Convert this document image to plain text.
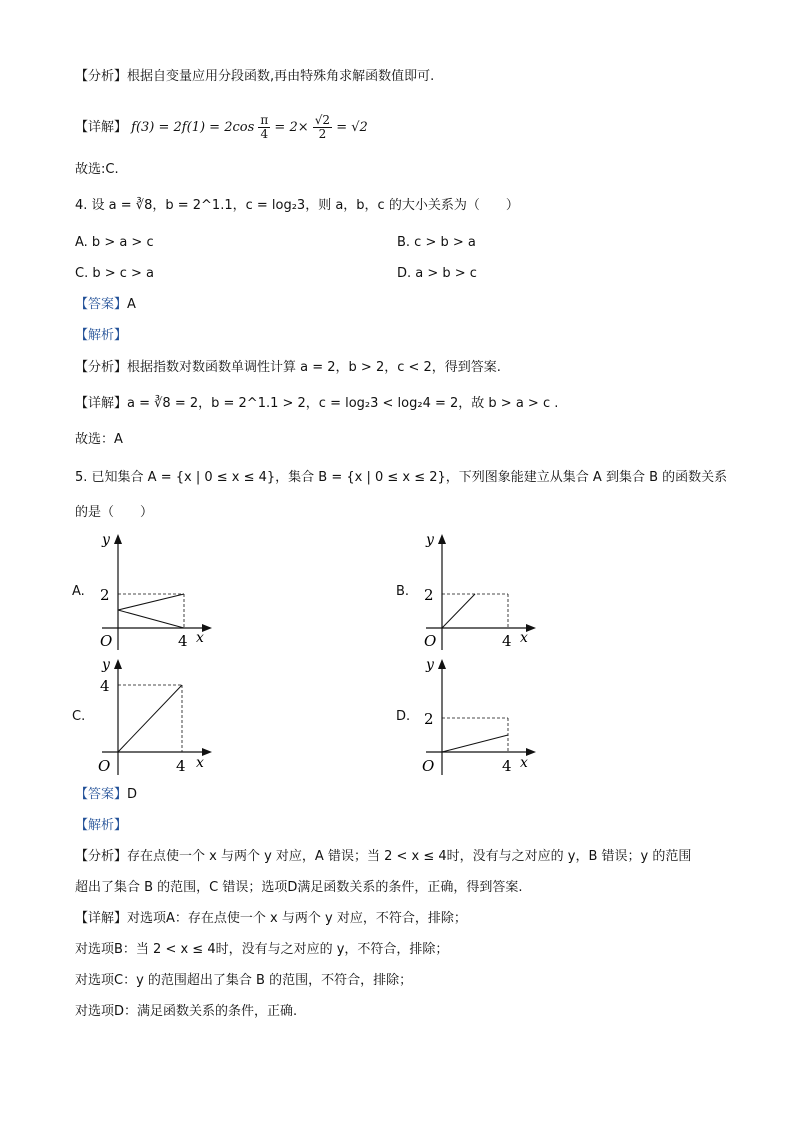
【分析】根据自变量应用分段函数,再由特殊角求解函数值即可.
【详解】 $f(3) = 2f(1) = 2\cos \frac{\pi}{4} = 2\times \frac{√2}{2} = √2$
故选:C.
4. 设 a = ∛8，b = 2^1.1，c = log₂3，则 a，b，c 的大小关系为（　　）
A. b > a > c	B. c > b > a
C. b > c > a	D. a > b > c
【答案】A
【解析】
【分析】根据指数对数函数单调性计算 a = 2，b > 2，c < 2，得到答案.
【详解】a = ∛8 = 2，b = 2^1.1 > 2，c = log₂3 < log₂4 = 2，故 b > a > c .
故选：A
5. 已知集合 A = {x | 0 ≤ x ≤ 4}，集合 B = {x | 0 ≤ x ≤ 2}，下列图象能建立从集合 A 到集合 B 的函数关系
的是（　　）
A.
y
x
O
2
4
B.
y
x
O
2
4
C.
y
x
O
4
4
D.
y
x
O
2
4
【答案】D
【解析】
【分析】存在点使一个 x 与两个 y 对应，A 错误；当 2 < x ≤ 4时，没有与之对应的 y，B 错误；y 的范围
超出了集合 B 的范围，C 错误；选项D满足函数关系的条件，正确，得到答案.
【详解】对选项A：存在点使一个 x 与两个 y 对应，不符合，排除；
对选项B：当 2 < x ≤ 4时，没有与之对应的 y，不符合，排除；
对选项C：y 的范围超出了集合 B 的范围，不符合，排除；
对选项D：满足函数关系的条件，正确.
